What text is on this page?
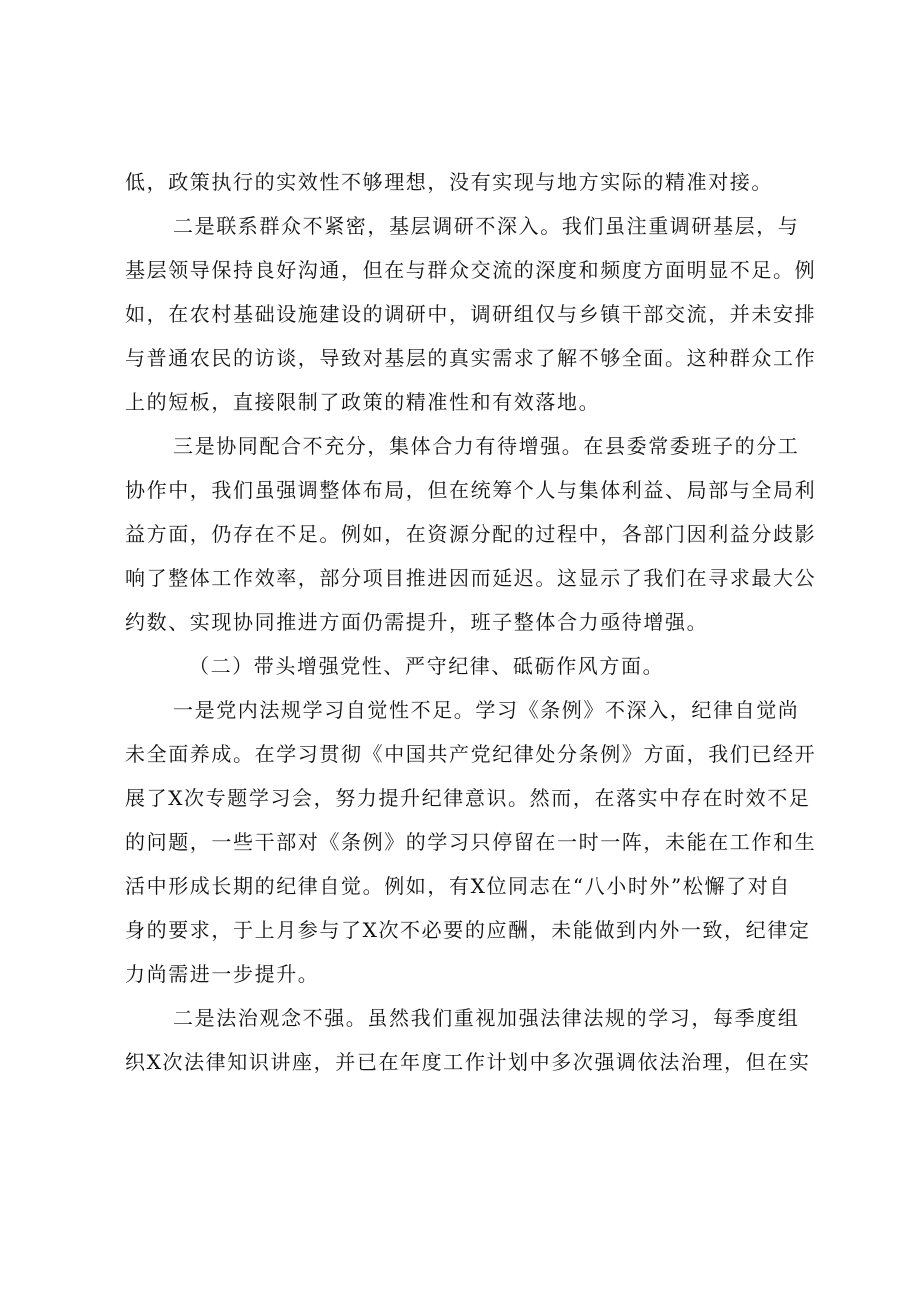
低，政策执行的实效性不够理想，没有实现与地方实际的精准对接。
二是联系群众不紧密，基层调研不深入。我们虽注重调研基层，与
基层领导保持良好沟通，但在与群众交流的深度和频度方面明显不足。例
如，在农村基础设施建设的调研中，调研组仅与乡镇干部交流，并未安排
与普通农民的访谈，导致对基层的真实需求了解不够全面。这种群众工作
上的短板，直接限制了政策的精准性和有效落地。
三是协同配合不充分，集体合力有待增强。在县委常委班子的分工
协作中，我们虽强调整体布局，但在统筹个人与集体利益、局部与全局利
益方面，仍存在不足。例如，在资源分配的过程中，各部门因利益分歧影
响了整体工作效率，部分项目推进因而延迟。这显示了我们在寻求最大公
约数、实现协同推进方面仍需提升，班子整体合力亟待增强。
（二）带头增强党性、严守纪律、砥砺作风方面。
一是党内法规学习自觉性不足。学习《条例》不深入，纪律自觉尚
未全面养成。在学习贯彻《中国共产党纪律处分条例》方面，我们已经开
展了X次专题学习会，努力提升纪律意识。然而，在落实中存在时效不足
的问题，一些干部对《条例》的学习只停留在一时一阵，未能在工作和生
活中形成长期的纪律自觉。例如，有X位同志在“八小时外”松懈了对自
身的要求，于上月参与了X次不必要的应酬，未能做到内外一致，纪律定
力尚需进一步提升。
二是法治观念不强。虽然我们重视加强法律法规的学习，每季度组
织X次法律知识讲座，并已在年度工作计划中多次强调依法治理，但在实
